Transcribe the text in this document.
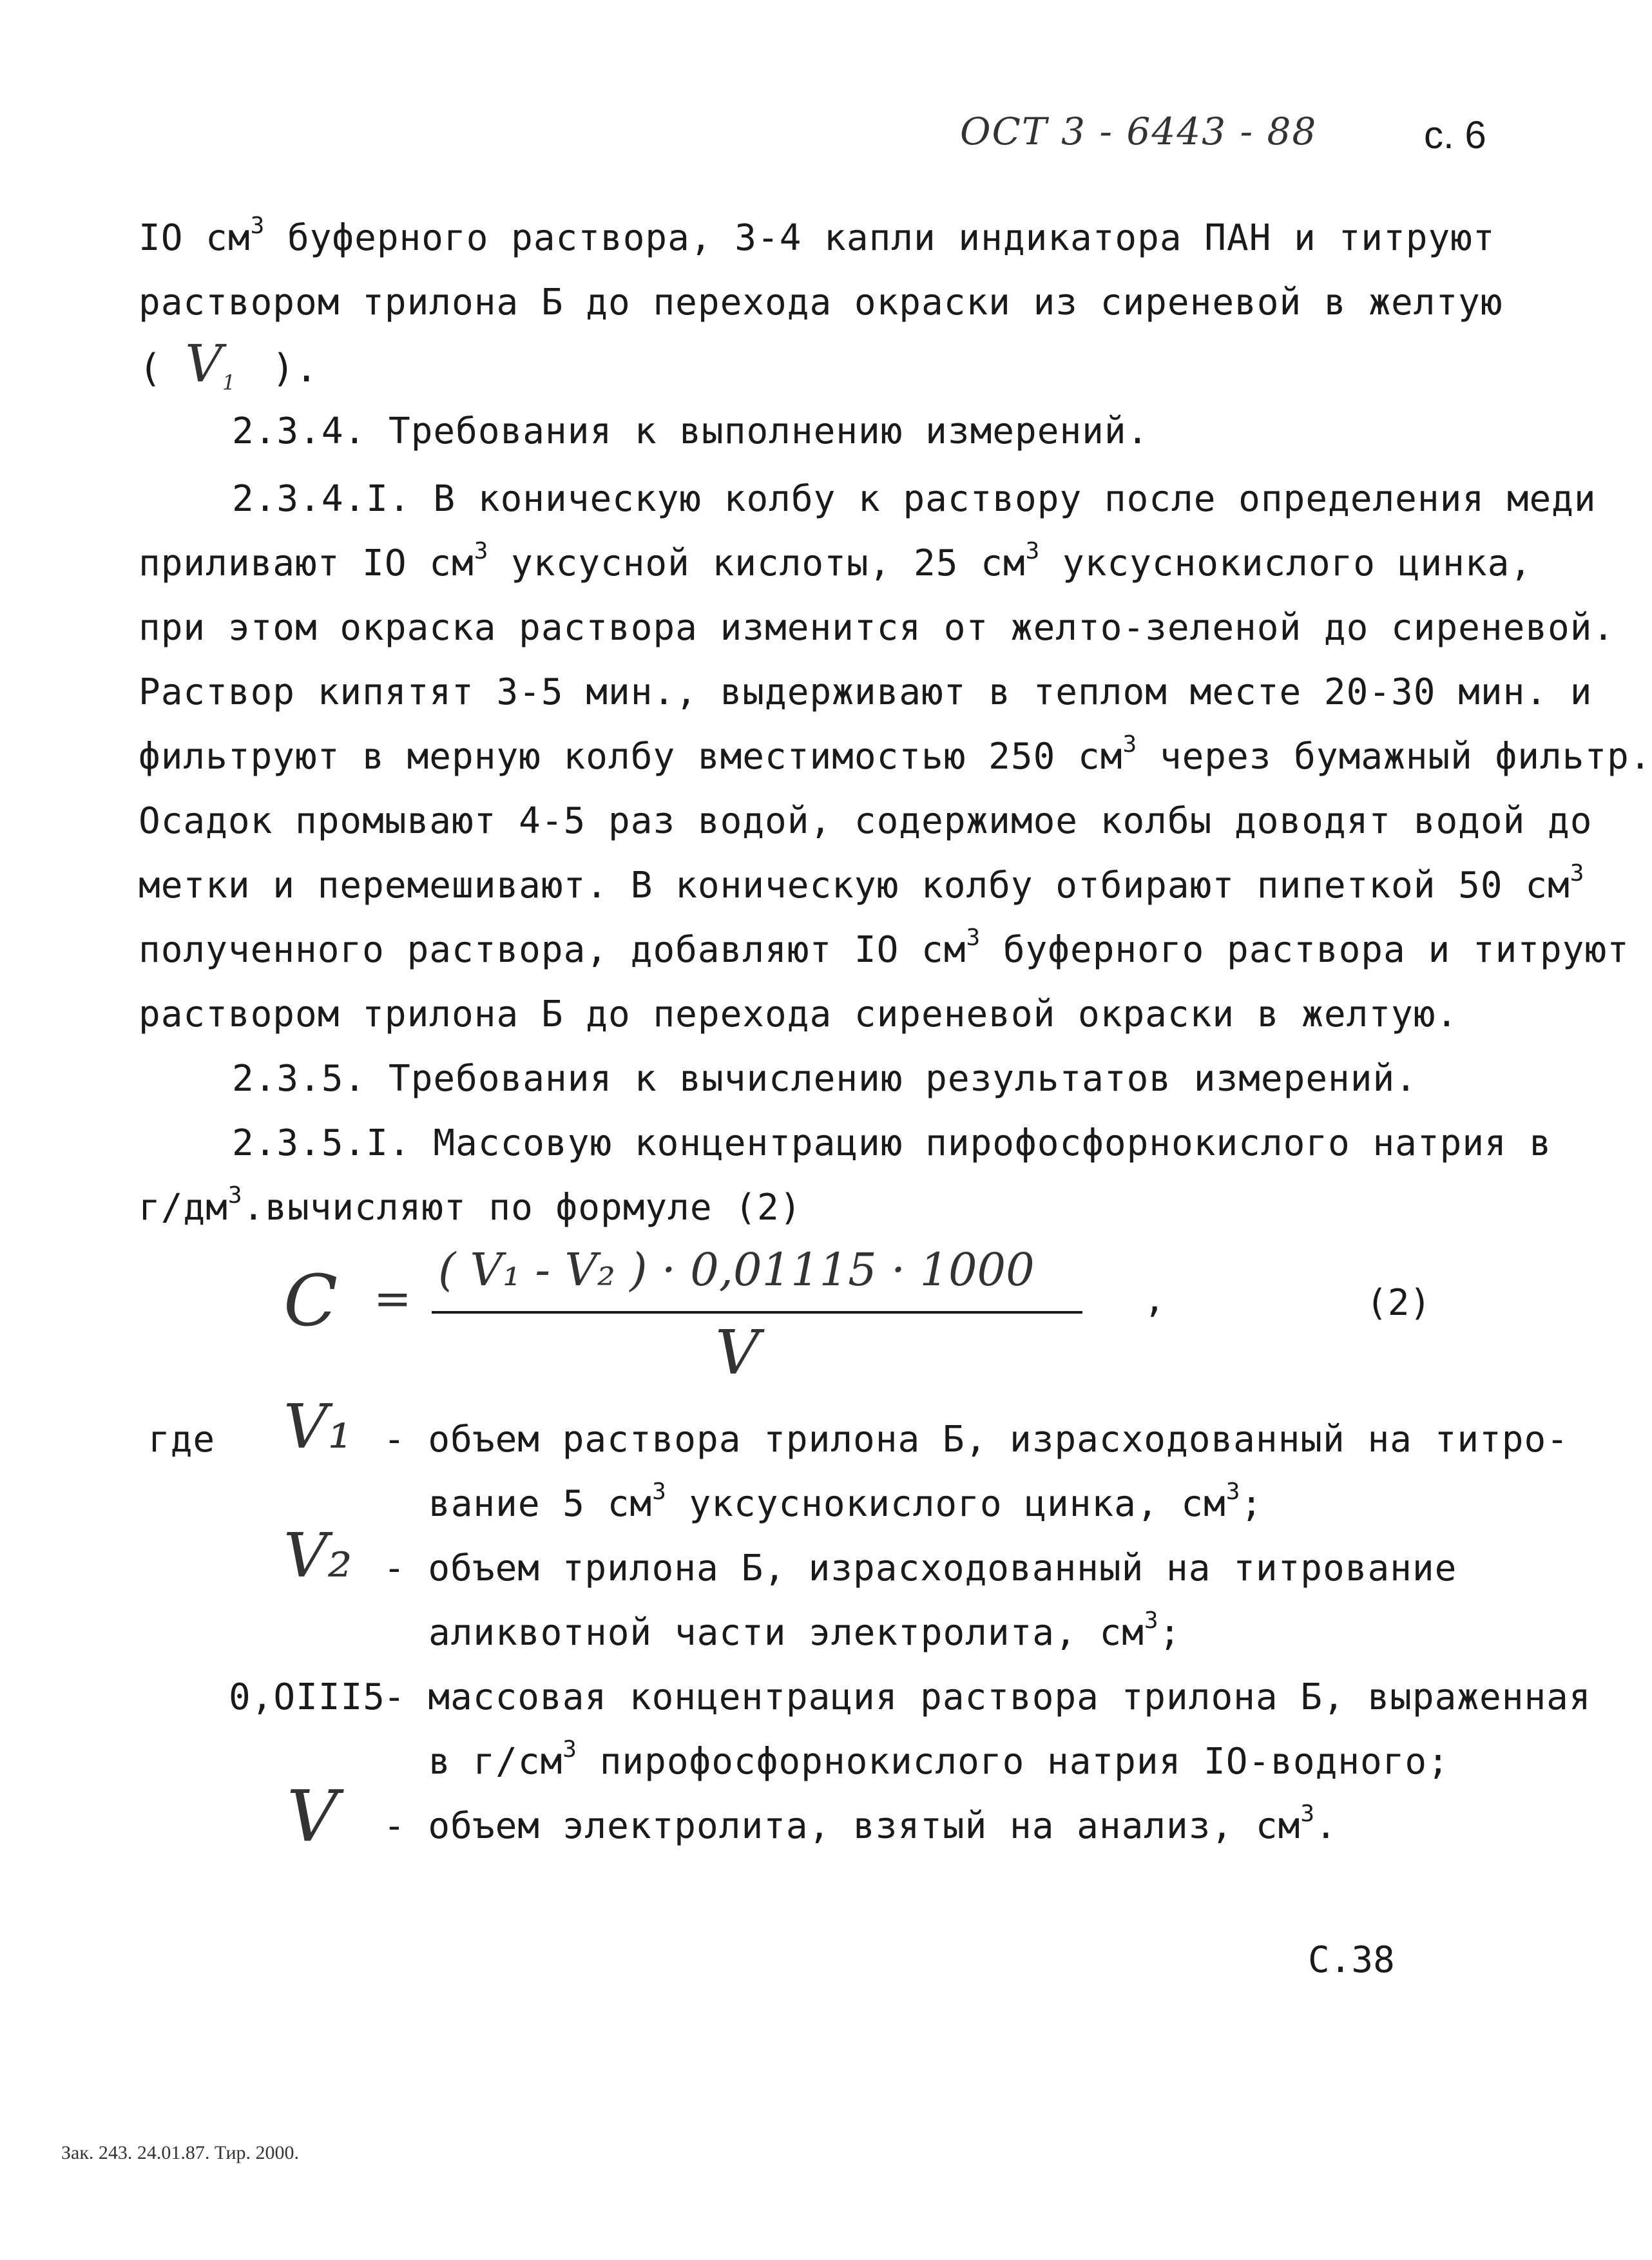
ОСТ 3 - 6443 - 88	с. 6
IO $см^3$ буферного раствора, 3-4 капли индикатора ПАН и титруют
раствором трилона Б до перехода окраски из сиреневой в желтую
( $V_1$ ).
2.3.4. Требования к выполнению измерений.
2.3.4.I. В коническую колбу к раствору после определения меди
приливают IO $см^3$ уксусной кислоты, 25 $см^3$ уксуснокислого цинка,
при этом окраска раствора изменится от желто-зеленой до сиреневой.
Раствор кипятят 3-5 мин., выдерживают в теплом месте 20-30 мин. и
фильтруют в мерную колбу вместимостью 250 $см^3$ через бумажный фильтр.
Осадок промывают 4-5 раз водой, содержимое колбы доводят водой до
метки и перемешивают. В коническую колбу отбирают пипеткой 50 $см^3$
полученного раствора, добавляют IO $см^3$ буферного раствора и титруют
раствором трилона Б до перехода сиреневой окраски в желтую.
2.3.5. Требования к вычислению результатов измерений.
2.3.5.I. Массовую концентрацию пирофосфорнокислого натрия в
$г/дм^3.вычисляют$ по формуле (2)
C =
( V₁ - V₂ ) · 0,01115 · 1000
V
,	(2)
где V₁ - объем раствора трилона Б, израсходованный на титро-
вание 5 $см^3$ уксуснокислого цинка, $см^3$;
V₂ - объем трилона Б, израсходованный на титрование
аликвотной части электролита, $см^3$;
0,OIII5
- массовая концентрация раствора трилона Б, выраженная
в $г/см^3$ пирофосфорнокислого натрия IO-водного;
V - объем электролита, взятый на анализ, $см^3$.
С.38
Зак. 243. 24.01.87. Тир. 2000.
